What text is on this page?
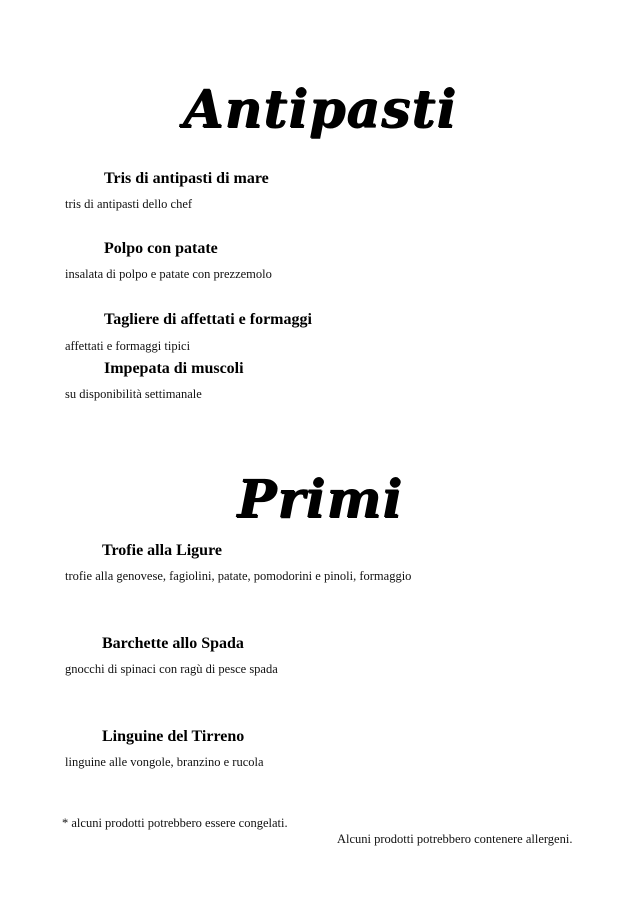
Antipasti
Tris di antipasti di mare
tris di antipasti dello chef
Polpo con patate
insalata di polpo e patate con prezzemolo
Tagliere di affettati e formaggi
affettati e formaggi tipici
Impepata di muscoli
su disponibilità settimanale
Primi
Trofie alla Ligure
trofie alla genovese, fagiolini, patate, pomodorini e pinoli, formaggio
Barchette allo Spada
gnocchi di spinaci con ragù di pesce spada
Linguine del Tirreno
linguine alle vongole, branzino e rucola
* alcuni prodotti potrebbero essere congelati.
Alcuni prodotti potrebbero contenere allergeni.
